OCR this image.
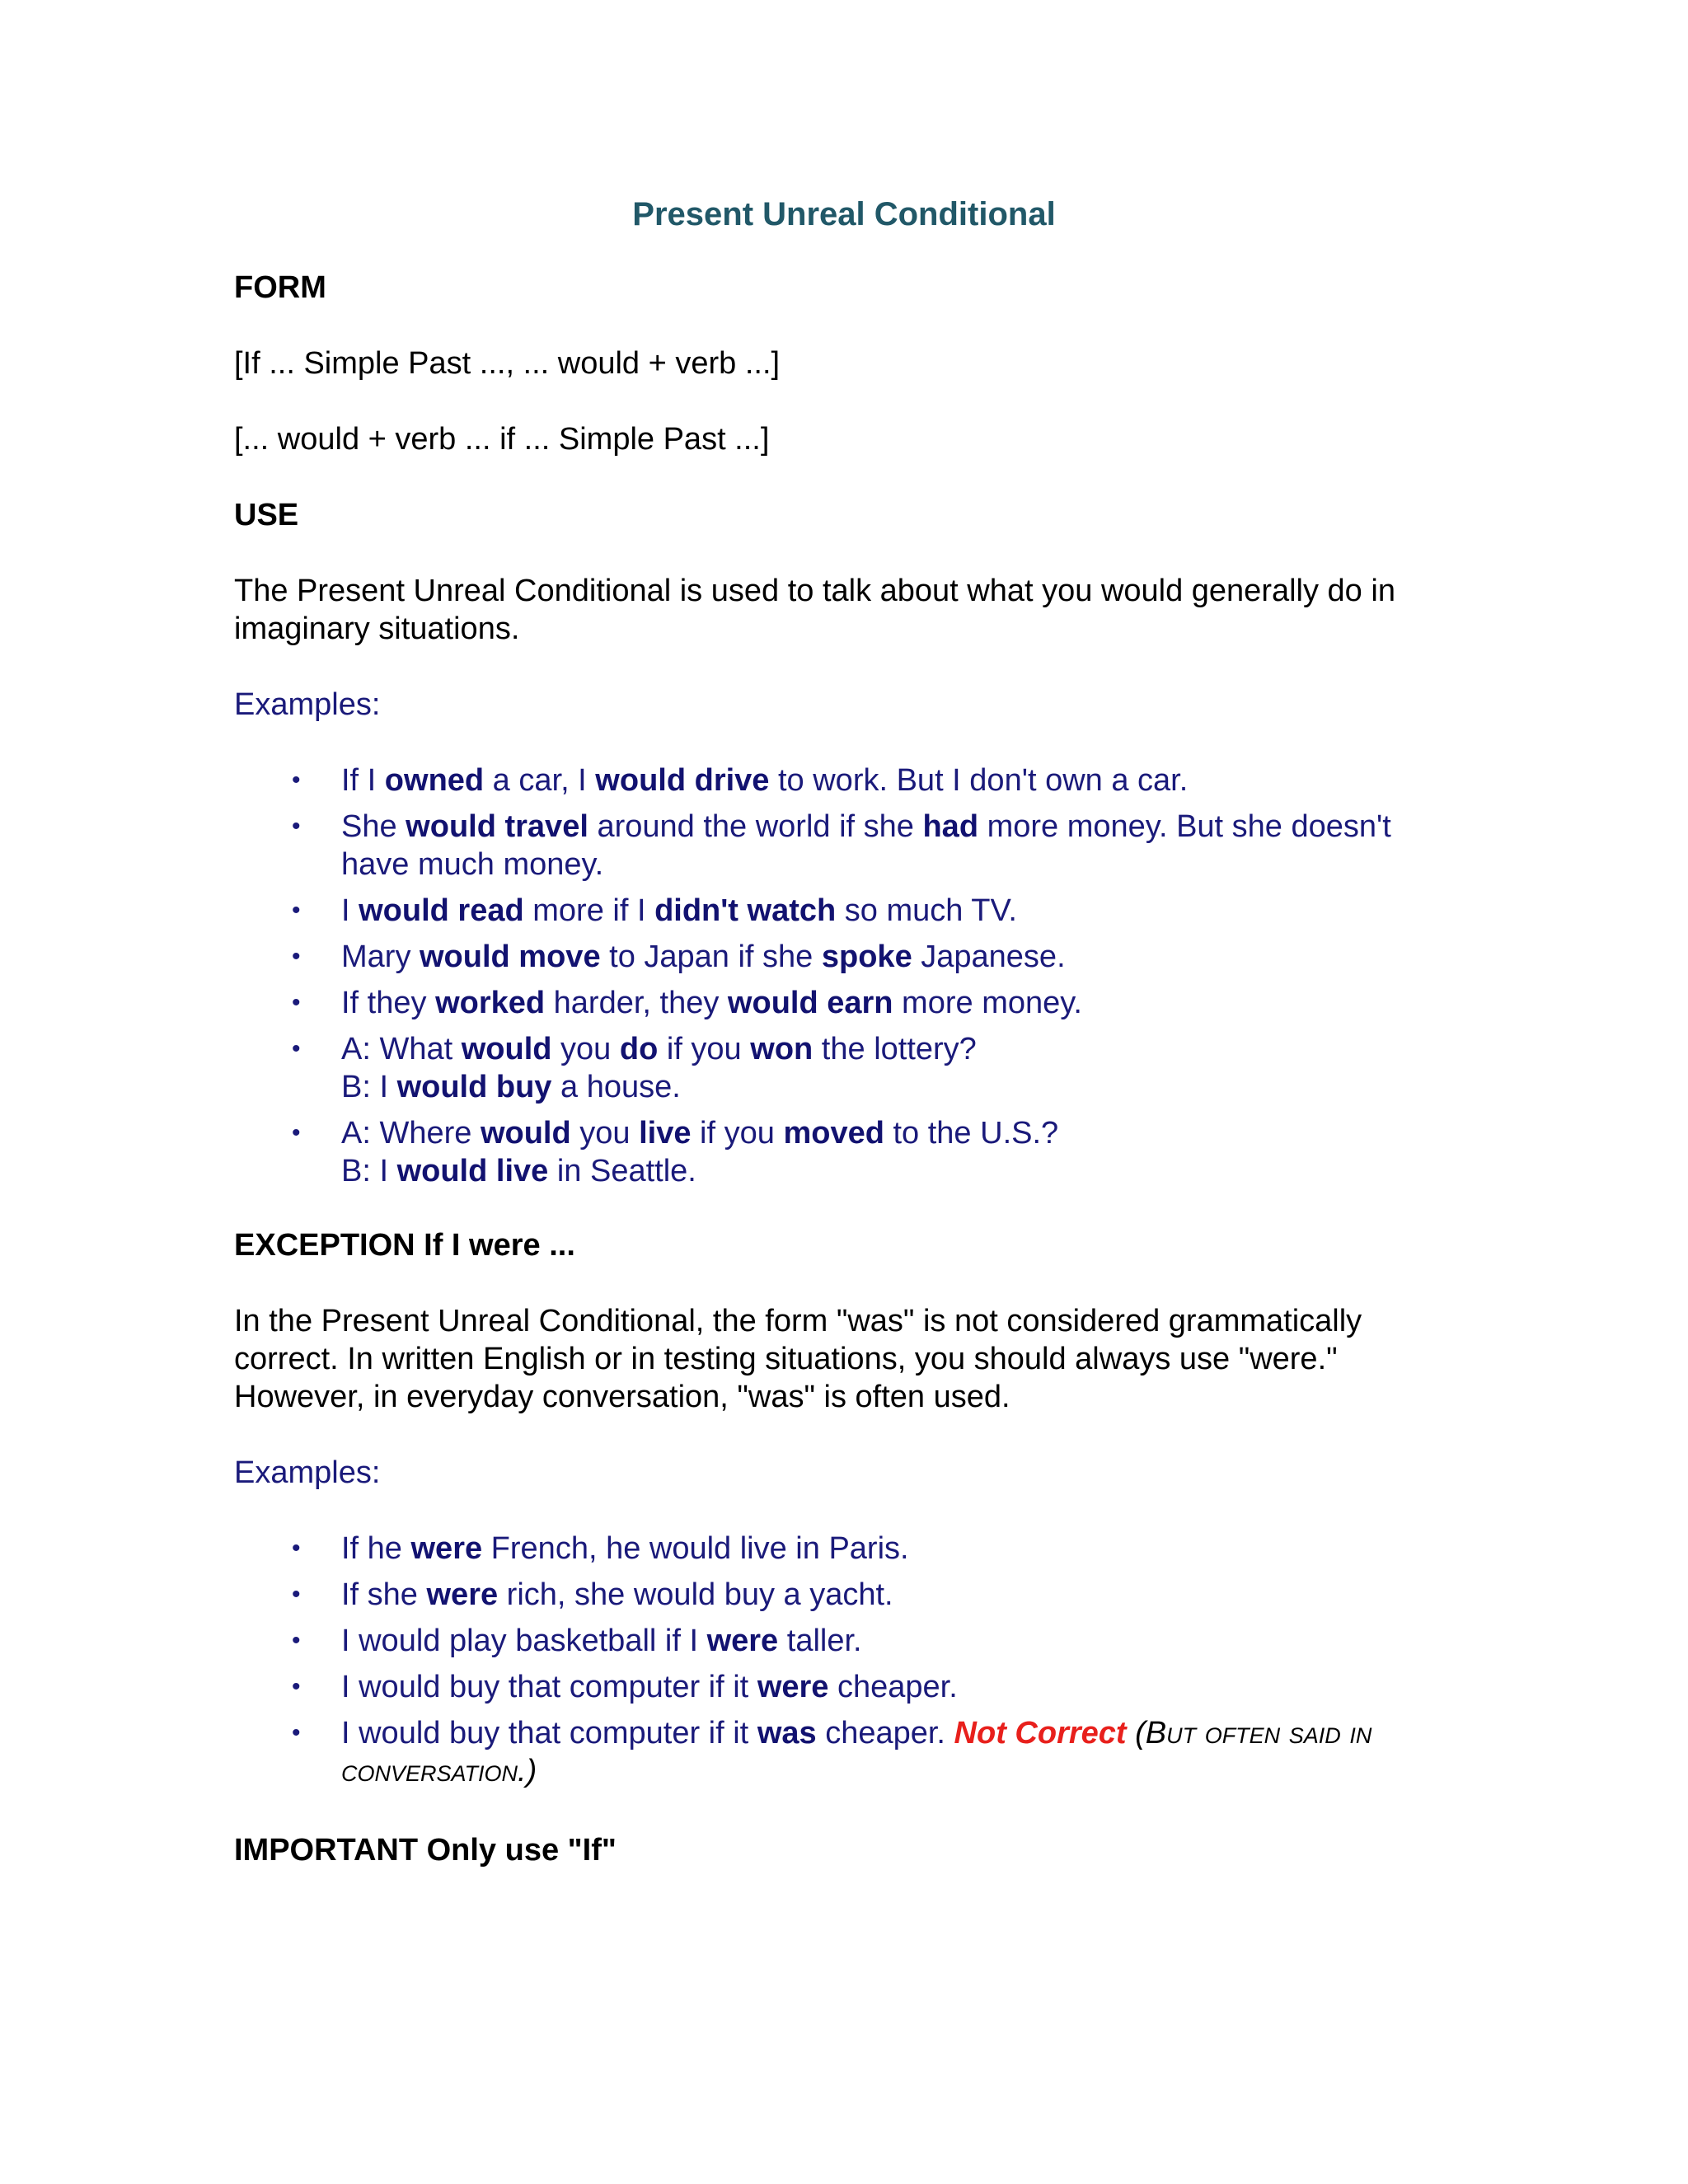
Present Unreal Conditional
FORM

[If ... Simple Past ..., ... would + verb ...]

[... would + verb ... if ... Simple Past ...]

USE

The Present Unreal Conditional is used to talk about what you would generally do in imaginary situations.

Examples:

• If I owned a car, I would drive to work. But I don't own a car.
• She would travel around the world if she had more money. But she doesn't have much money.
• I would read more if I didn't watch so much TV.
• Mary would move to Japan if she spoke Japanese.
• If they worked harder, they would earn more money.
• A: What would you do if you won the lottery?
B: I would buy a house.
• A: Where would you live if you moved to the U.S.?
B: I would live in Seattle.
EXCEPTION If I were ...

In the Present Unreal Conditional, the form "was" is not considered grammatically correct. In written English or in testing situations, you should always use "were." However, in everyday conversation, "was" is often used.

Examples:

• If he were French, he would live in Paris.
• If she were rich, she would buy a yacht.
• I would play basketball if I were taller.
• I would buy that computer if it were cheaper.
• I would buy that computer if it was cheaper. Not Correct (But often said in conversation.)
IMPORTANT Only use "If"
